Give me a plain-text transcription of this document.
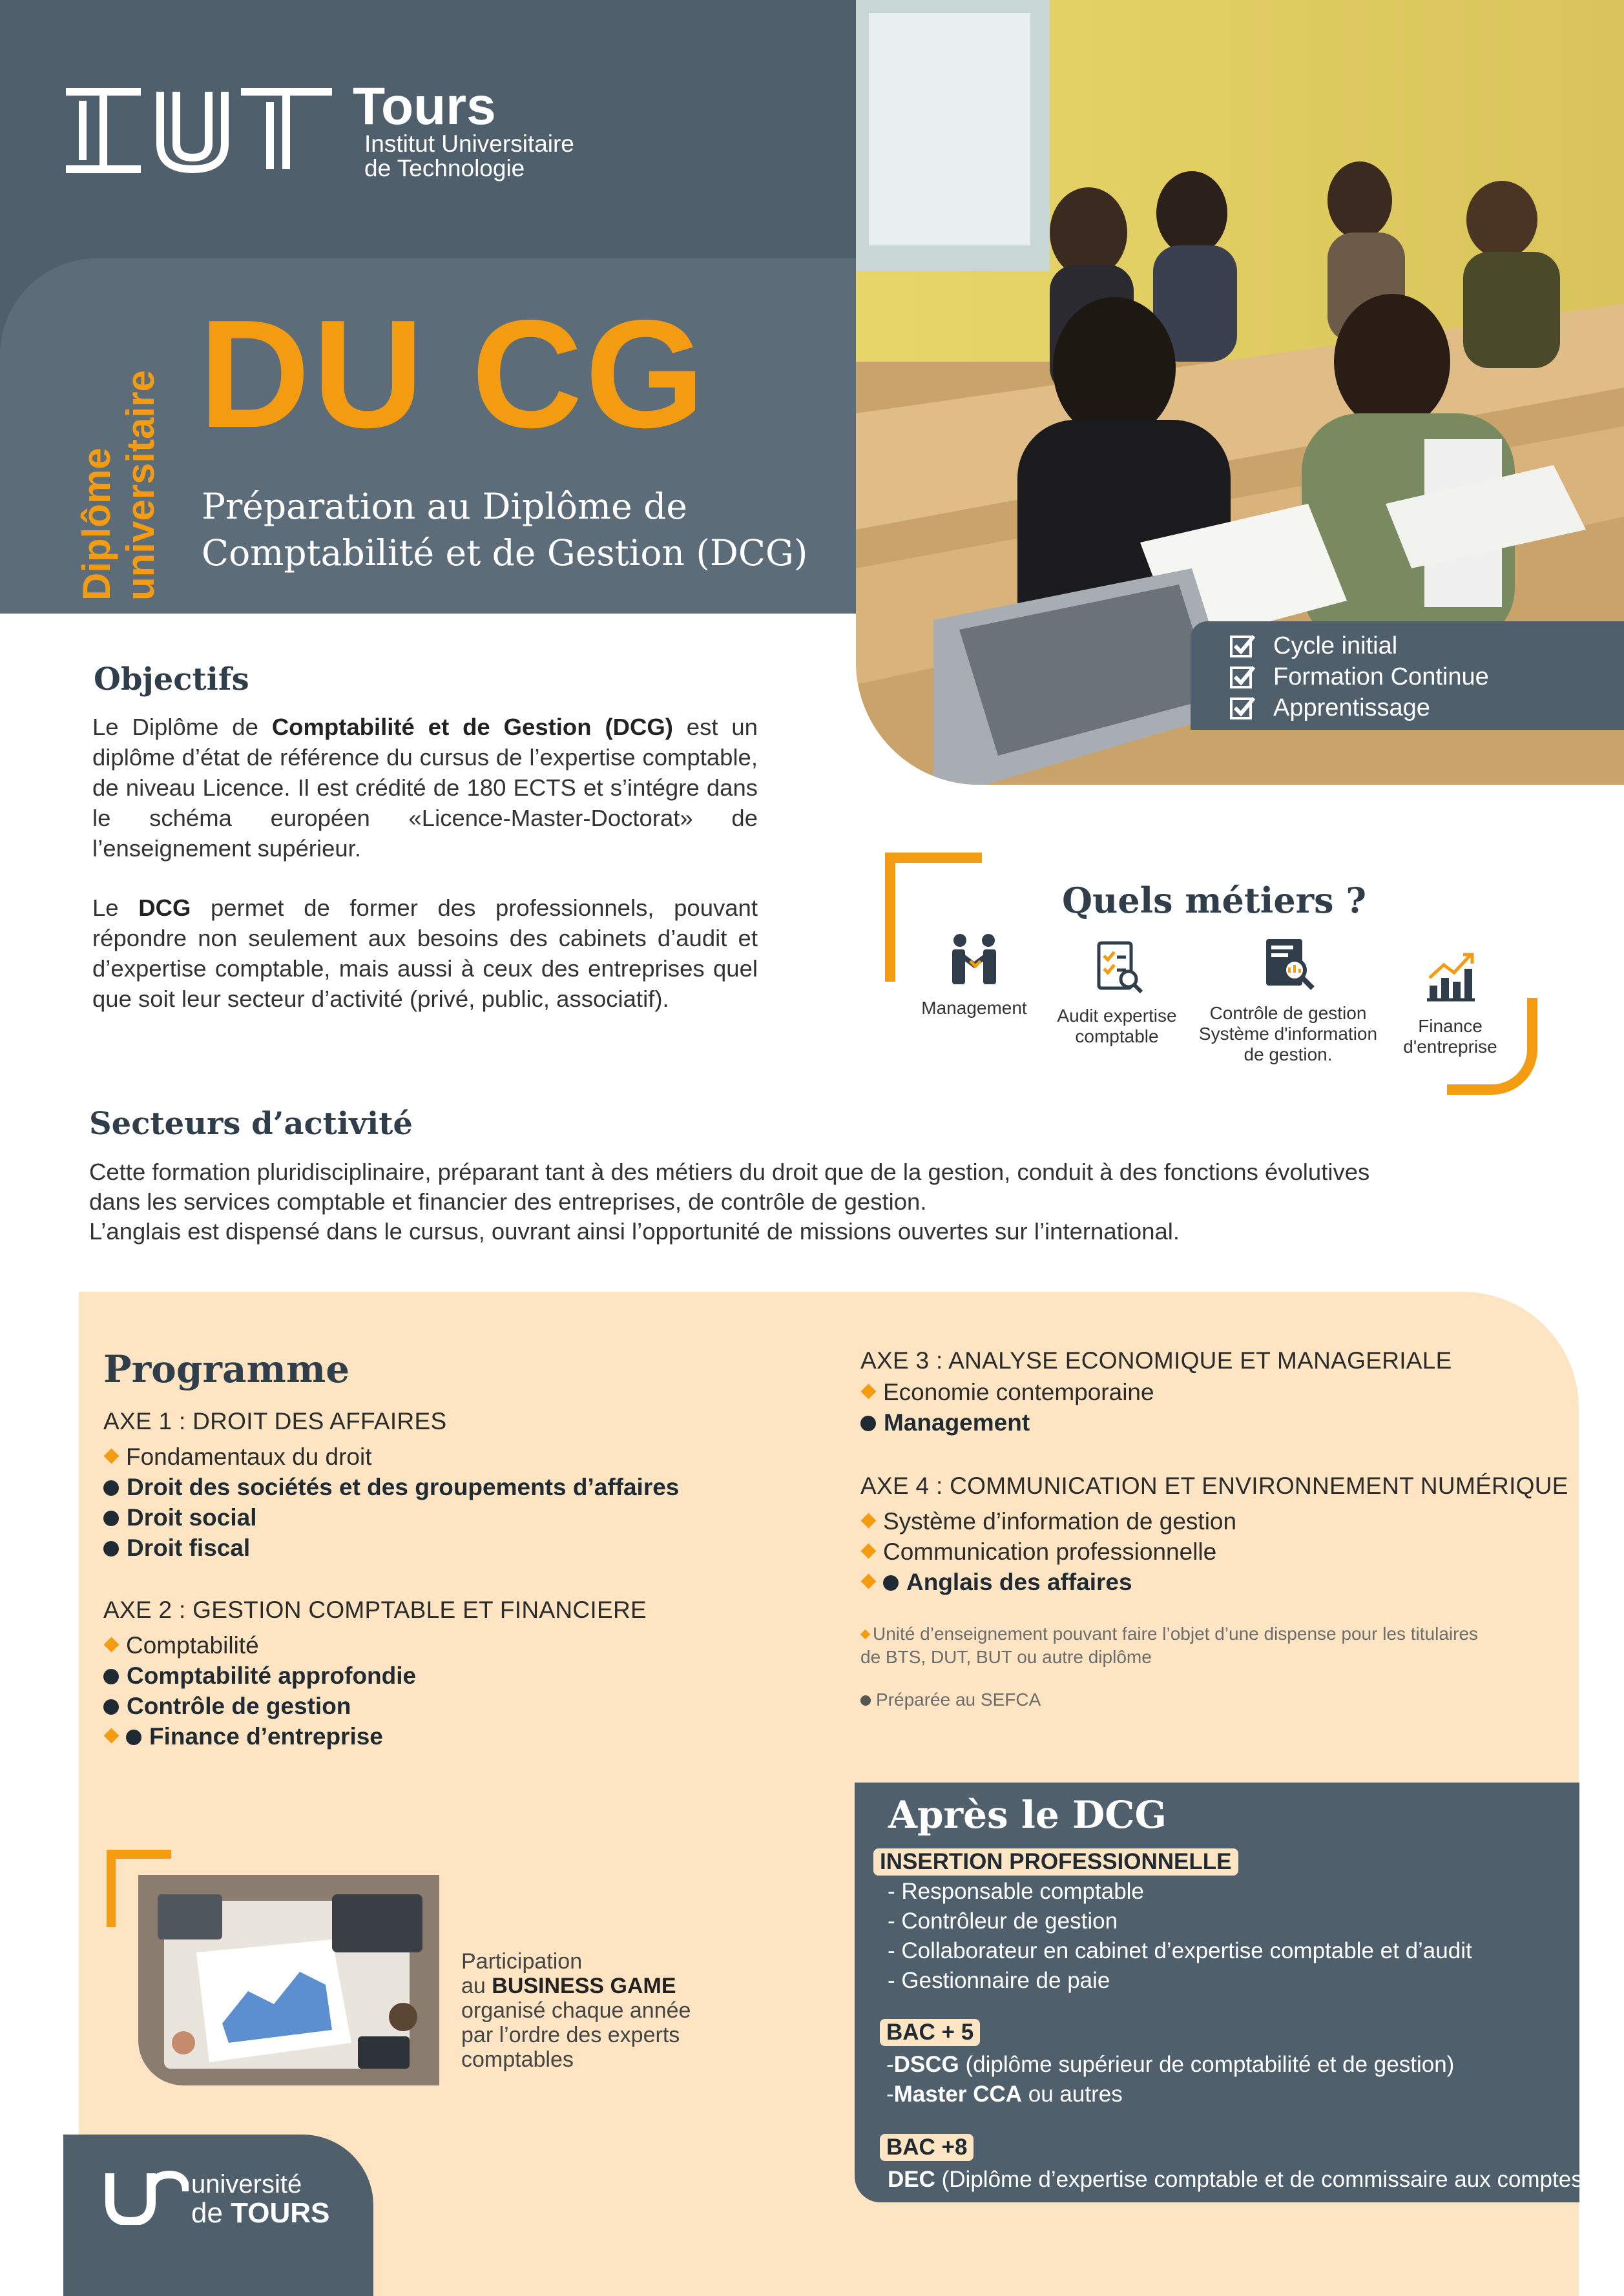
Tours
Institut Universitaire
de Technologie
Diplôme universitaire DU CG
Préparation au Diplôme de
Comptabilité et de Gestion (DCG)
Cycle initial
Formation Continue
Apprentissage
Objectifs
Le Diplôme de Comptabilité et de Gestion (DCG) est un diplôme d’état de référence du cursus de l’expertise comptable, de niveau Licence. Il est crédité de 180 ECTS et s’intégre dans le schéma européen «Licence-Master-Doctorat» de l’enseignement supérieur.
Le DCG permet de former des professionnels, pouvant répondre non seulement aux besoins des cabinets d’audit et d’expertise comptable, mais aussi à ceux des entreprises quel que soit leur secteur d’activité (privé, public, associatif).
Quels métiers ?
Management	Audit expertise
comptable
Contrôle de gestion
Système d'information
de gestion.
Finance
d'entreprise
Secteurs d’activité
Cette formation pluridisciplinaire, préparant tant à des métiers du droit que de la gestion, conduit à des fonctions évolutives
dans les services comptable et financier des entreprises, de contrôle de gestion.
L’anglais est dispensé dans le cursus, ouvrant ainsi l’opportunité de missions ouvertes sur l’international.
Programme
AXE 1 : DROIT DES AFFAIRES
Fondamentaux du droit
Droit des sociétés et des groupements d’affaires
Droit social
Droit fiscal
AXE 2 : GESTION COMPTABLE ET FINANCIERE
Comptabilité
Comptabilité approfondie
Contrôle de gestion
Finance d’entreprise
AXE 3 : ANALYSE ECONOMIQUE ET MANAGERIALE
Economie contemporaine
Management
AXE 4 : COMMUNICATION ET ENVIRONNEMENT NUMÉRIQUE
Système d’information de gestion
Communication professionnelle
Anglais des affaires
Unité d’enseignement pouvant faire l’objet d’une dispense pour les titulaires
de BTS, DUT, BUT ou autre diplôme
Préparée au SEFCA
Participation
au BUSINESS GAME
organisé chaque année
par l’ordre des experts
comptables
université
de TOURS
Après le DCG
INSERTION PROFESSIONNELLE
- Responsable comptable
- Contrôleur de gestion
- Collaborateur en cabinet d’expertise comptable et d’audit
- Gestionnaire de paie
BAC + 5
-DSCG (diplôme supérieur de comptabilité et de gestion)
-Master CCA ou autres
BAC +8
DEC (Diplôme d’expertise comptable et de commissaire aux comptes)
